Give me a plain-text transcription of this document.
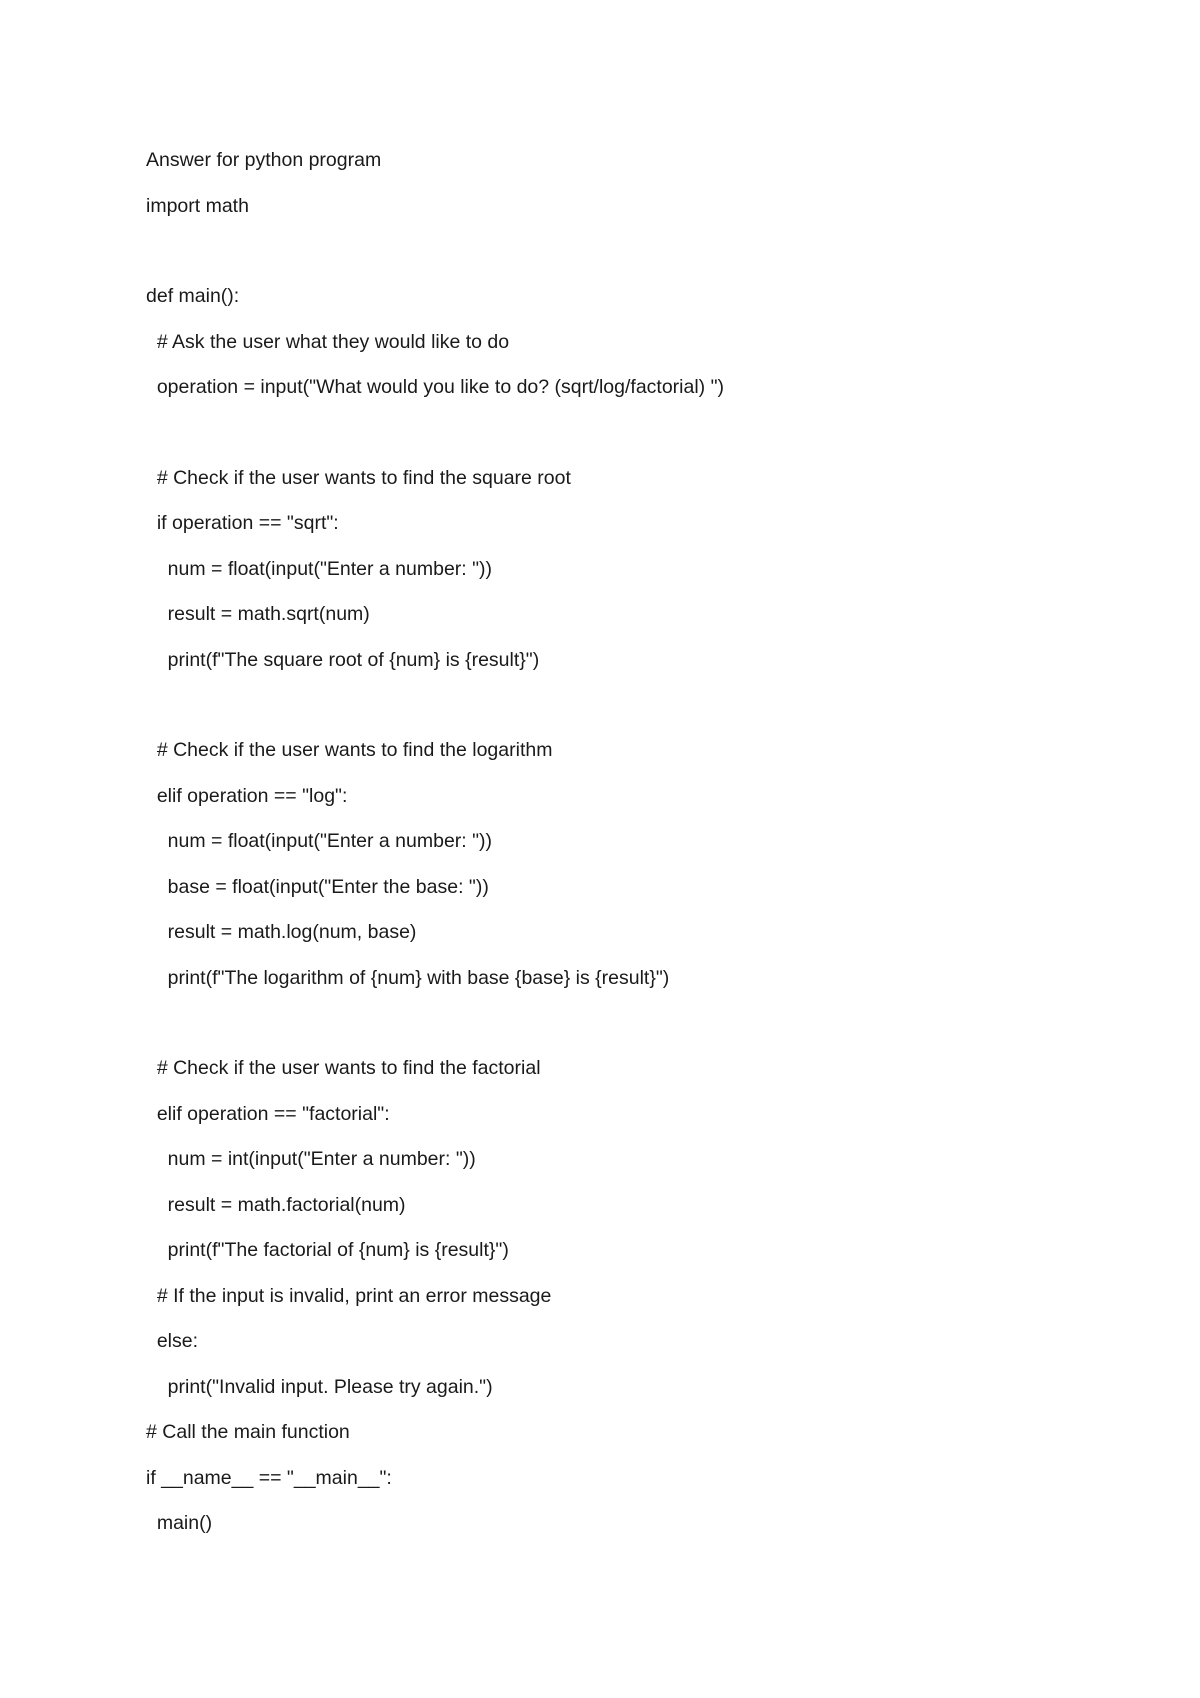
Answer for python program

import math

def main():

# Ask the user what they would like to do

operation = input("What would you like to do? (sqrt/log/factorial) ")

# Check if the user wants to find the square root

if operation == "sqrt":

num = float(input("Enter a number: "))

result = math.sqrt(num)

print(f"The square root of {num} is {result}")

# Check if the user wants to find the logarithm

elif operation == "log":

num = float(input("Enter a number: "))

base = float(input("Enter the base: "))

result = math.log(num, base)

print(f"The logarithm of {num} with base {base} is {result}")

# Check if the user wants to find the factorial

elif operation == "factorial":

num = int(input("Enter a number: "))

result = math.factorial(num)

print(f"The factorial of {num} is {result}")

# If the input is invalid, print an error message

else:

print("Invalid input. Please try again.")

# Call the main function

if __name__ == "__main__":

main()
